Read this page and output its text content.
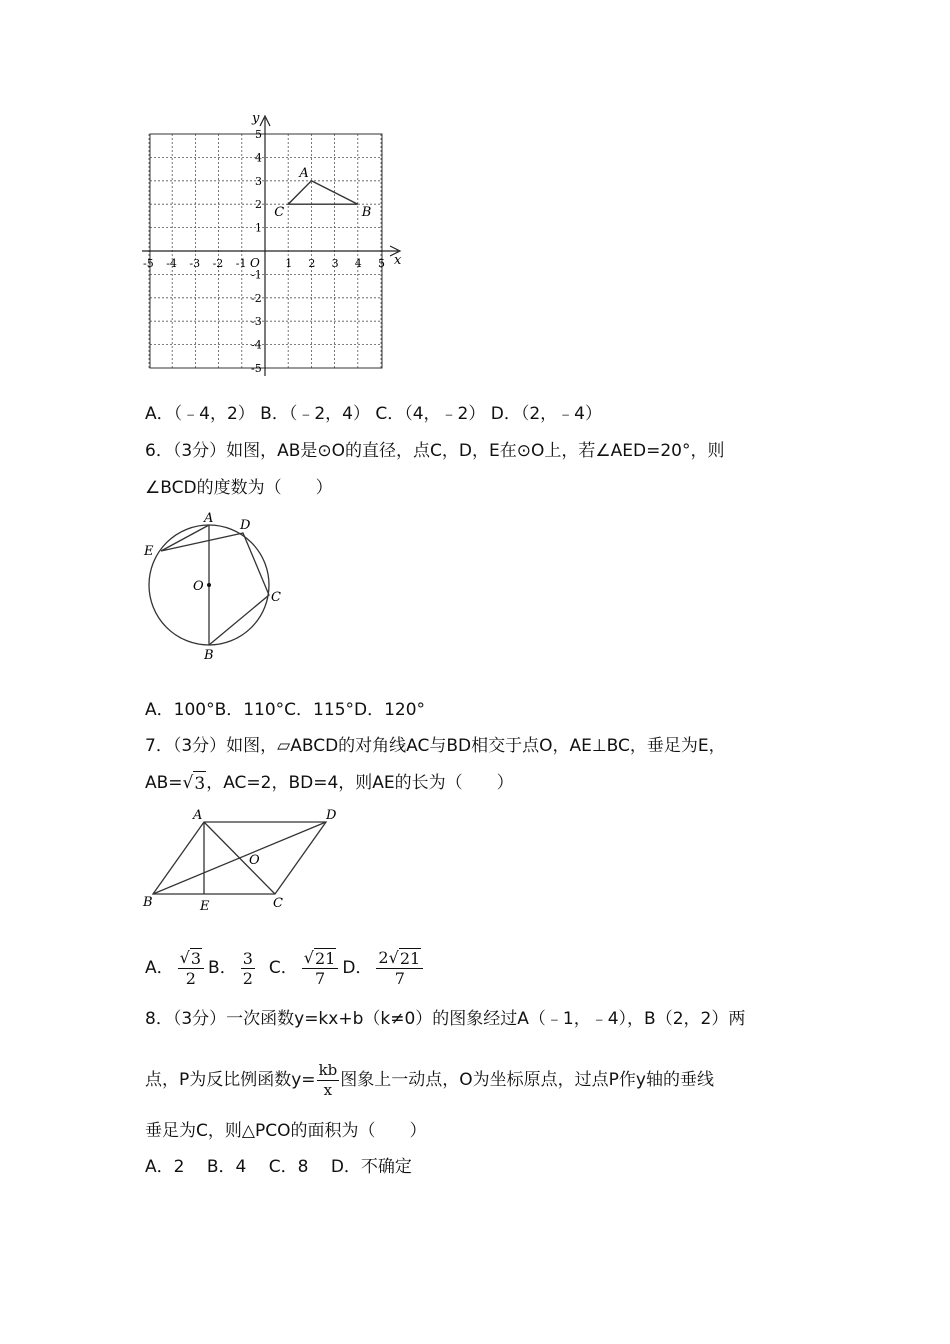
x
y
O
-5 -4 -3 -2 -1	1 2 3 4 5
5
4
3
2
1
-1
-2
-3
-4
-5
A
B
C
A．（﹣4，2） B．（﹣2，4） C．（4，﹣2） D．（2，﹣4）
6．（3分）如图，AB是⊙O的直径，点C，D，E在⊙O上，若∠AED=20°，则
∠BCD的度数为（　　）
A D
E
O
C
B
A．100°B．110°C．115°D．120°
7．（3分）如图，▱ABCD的对角线AC与BD相交于点O，AE⊥BC，垂足为E，
AB= √ 3 ，AC=2，BD=4，则AE的长为（　　）
A	D
O
B	E	C
A． $\frac{√ 3}{2}$ B． $\frac{3}{2}$ C． $\frac{√ 21}{7}$ D． $\frac{2 √ 21}{7}$
8．（3分）一次函数y=kx+b（k≠0）的图象经过A（﹣1，﹣4），B（2，2）两
点，P为反比例函数$y= \frac{kb}{x}$ 图象上一动点，O为坐标原点，过点P作y轴的垂线
垂足为C，则△PCO的面积为（　　）
A．2　 B．4　 C．8　 D．不确定
